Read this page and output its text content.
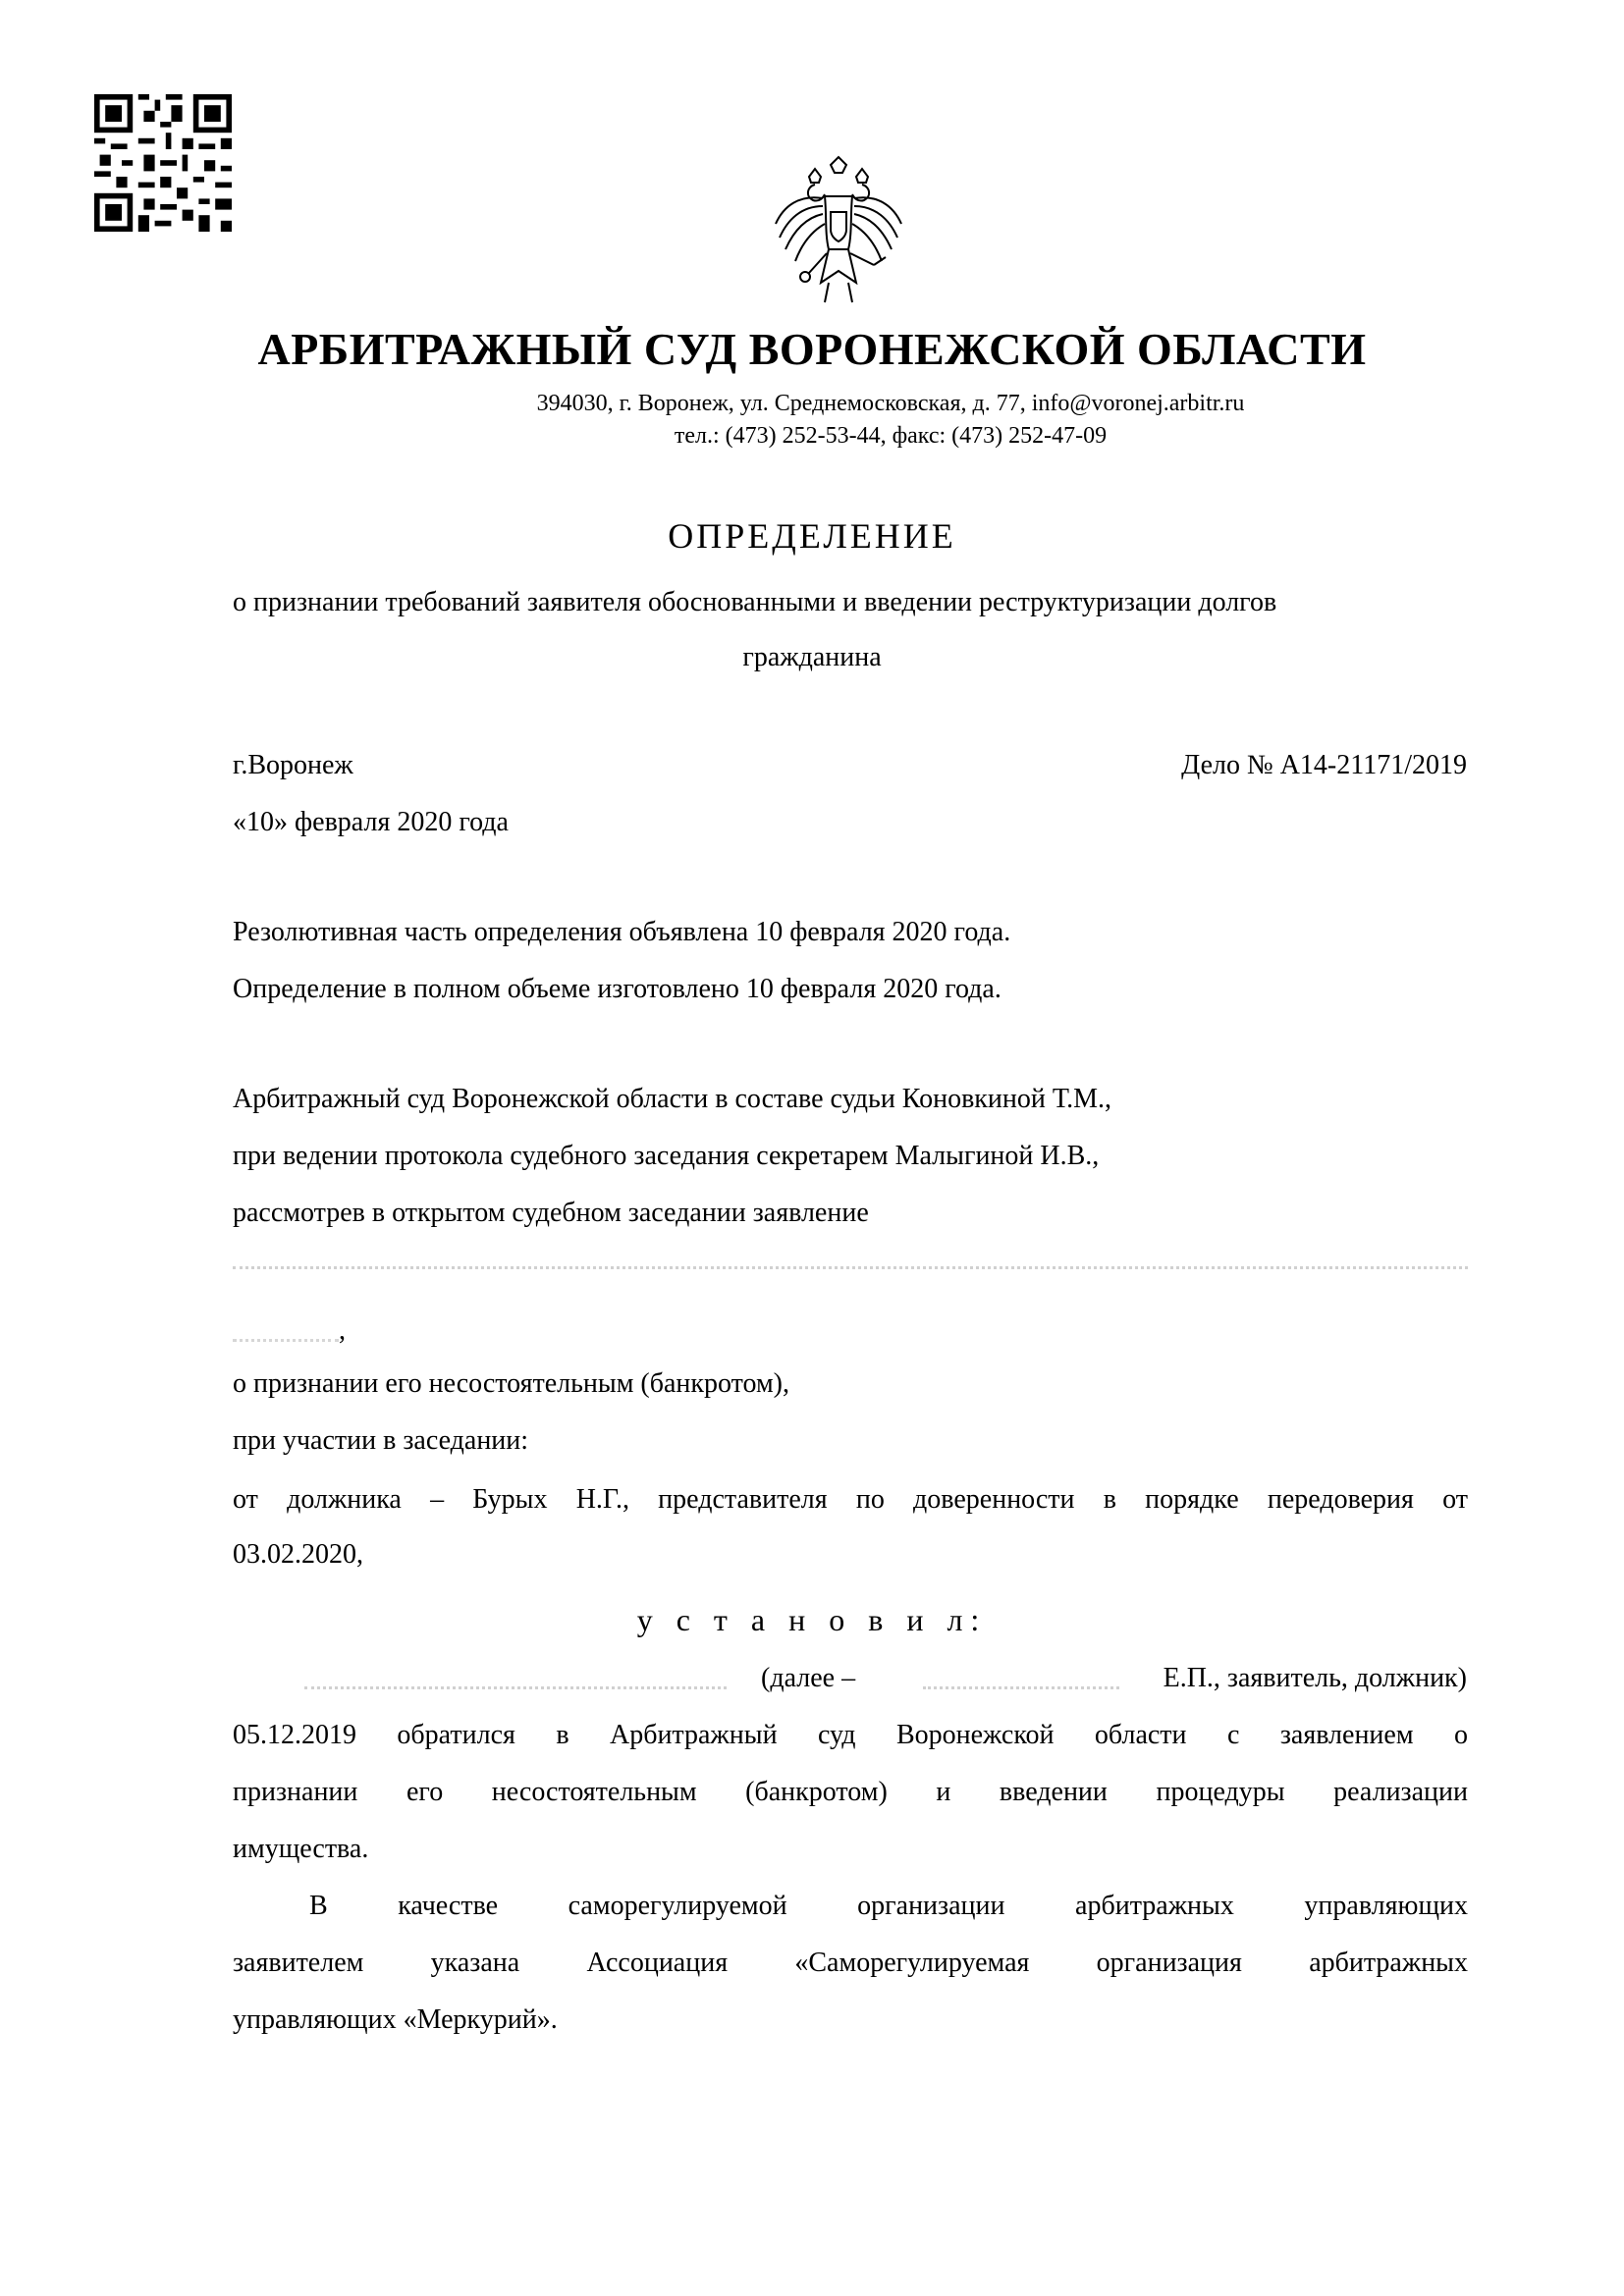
АРБИТРАЖНЫЙ СУД ВОРОНЕЖСКОЙ ОБЛАСТИ
394030, г. Воронеж, ул. Среднемосковская, д. 77, info@voronej.arbitr.ru
тел.: (473) 252-53-44, факс: (473) 252-47-09
ОПРЕДЕЛЕНИЕ
о признании требований заявителя обоснованными и введении реструктуризации долгов
гражданина
г.Воронеж	Дело № А14-21171/2019
«10» февраля 2020 года
Резолютивная часть определения объявлена 10 февраля 2020 года.
Определение в полном объеме изготовлено 10 февраля 2020 года.
Арбитражный суд Воронежской области в составе судьи Коновкиной Т.М.,
при ведении протокола судебного заседания секретарем Малыгиной И.В.,
рассмотрев в открытом судебном заседании заявление
,
о признании его несостоятельным (банкротом),
при участии в заседании:
от должника – Бурых Н.Г., представителя по доверенности в порядке передоверия от
03.02.2020,
у с т а н о в и л:
(далее –	Е.П., заявитель, должник)
05.12.2019 обратился в Арбитражный суд Воронежской области с заявлением о
признании его несостоятельным (банкротом) и введении процедуры реализации
имущества.
В качестве саморегулируемой организации арбитражных управляющих
заявителем указана Ассоциация «Саморегулируемая организация арбитражных
управляющих «Меркурий».
